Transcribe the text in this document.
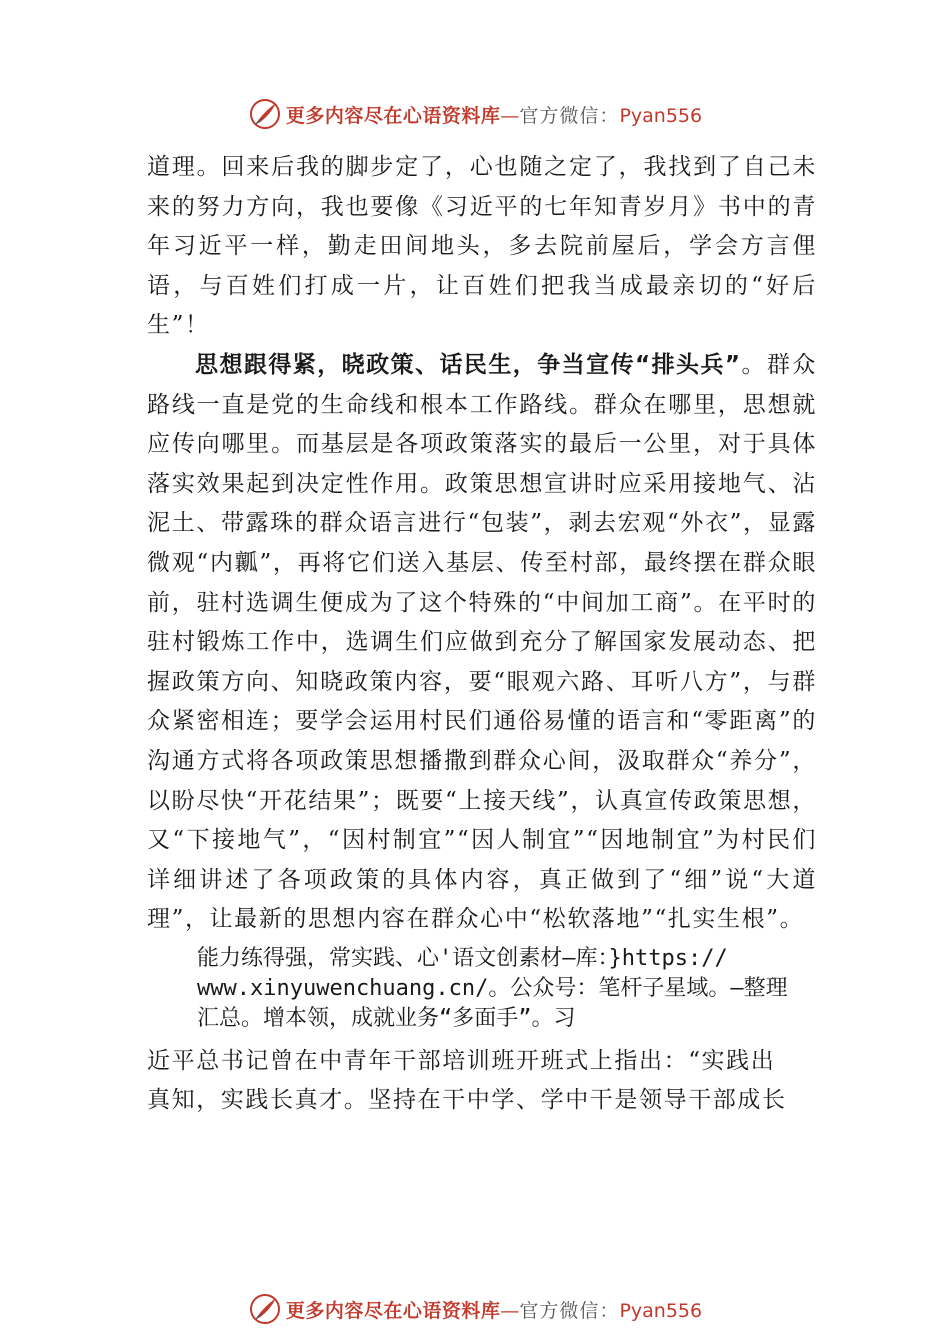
更多内容尽在心语资料库—官方微信：Pyan556

道理。回来后我的脚步定了，心也随之定了，我找到了自己未来的努力方向，我也要像《习近平的七年知青岁月》书中的青年习近平一样，勤走田间地头，多去院前屋后，学会方言俚语，与百姓们打成一片，让百姓们把我当成最亲切的“好后生”！

思想跟得紧，晓政策、话民生，争当宣传“排头兵”。群众路线一直是党的生命线和根本工作路线。群众在哪里，思想就应传向哪里。而基层是各项政策落实的最后一公里，对于具体落实效果起到决定性作用。政策思想宣讲时应采用接地气、沾泥土、带露珠的群众语言进行“包装”，剥去宏观“外衣”，显露微观“内瓤”，再将它们送入基层、传至村部，最终摆在群众眼前，驻村选调生便成为了这个特殊的“中间加工商”。在平时的驻村锻炼工作中，选调生们应做到充分了解国家发展动态、把握政策方向、知晓政策内容，要“眼观六路、耳听八方”，与群众紧密相连；要学会运用村民们通俗易懂的语言和“零距离”的沟通方式将各项政策思想播撒到群众心间，汲取群众“养分”，以盼尽快“开花结果”；既要“上接天线”，认真宣传政策思想，又“下接地气”，“因村制宜”“因人制宜”“因地制宜”为村民们详细讲述了各项政策的具体内容，真正做到了“细”说“大道理”，让最新的思想内容在群众心中“松软落地”“扎实生根”。

能力练得强，常实践、心'语文创素材—库：}https://
www.xinyuwenchuang.cn/。公众号：笔杆子星域。—整理
汇总。增本领，成就业务“多面手”。习
近平总书记曾在中青年干部培训班开班式上指出：“实践出
真知，实践长真才。坚持在干中学、学中干是领导干部成长
更多内容尽在心语资料库—官方微信：Pyan556
